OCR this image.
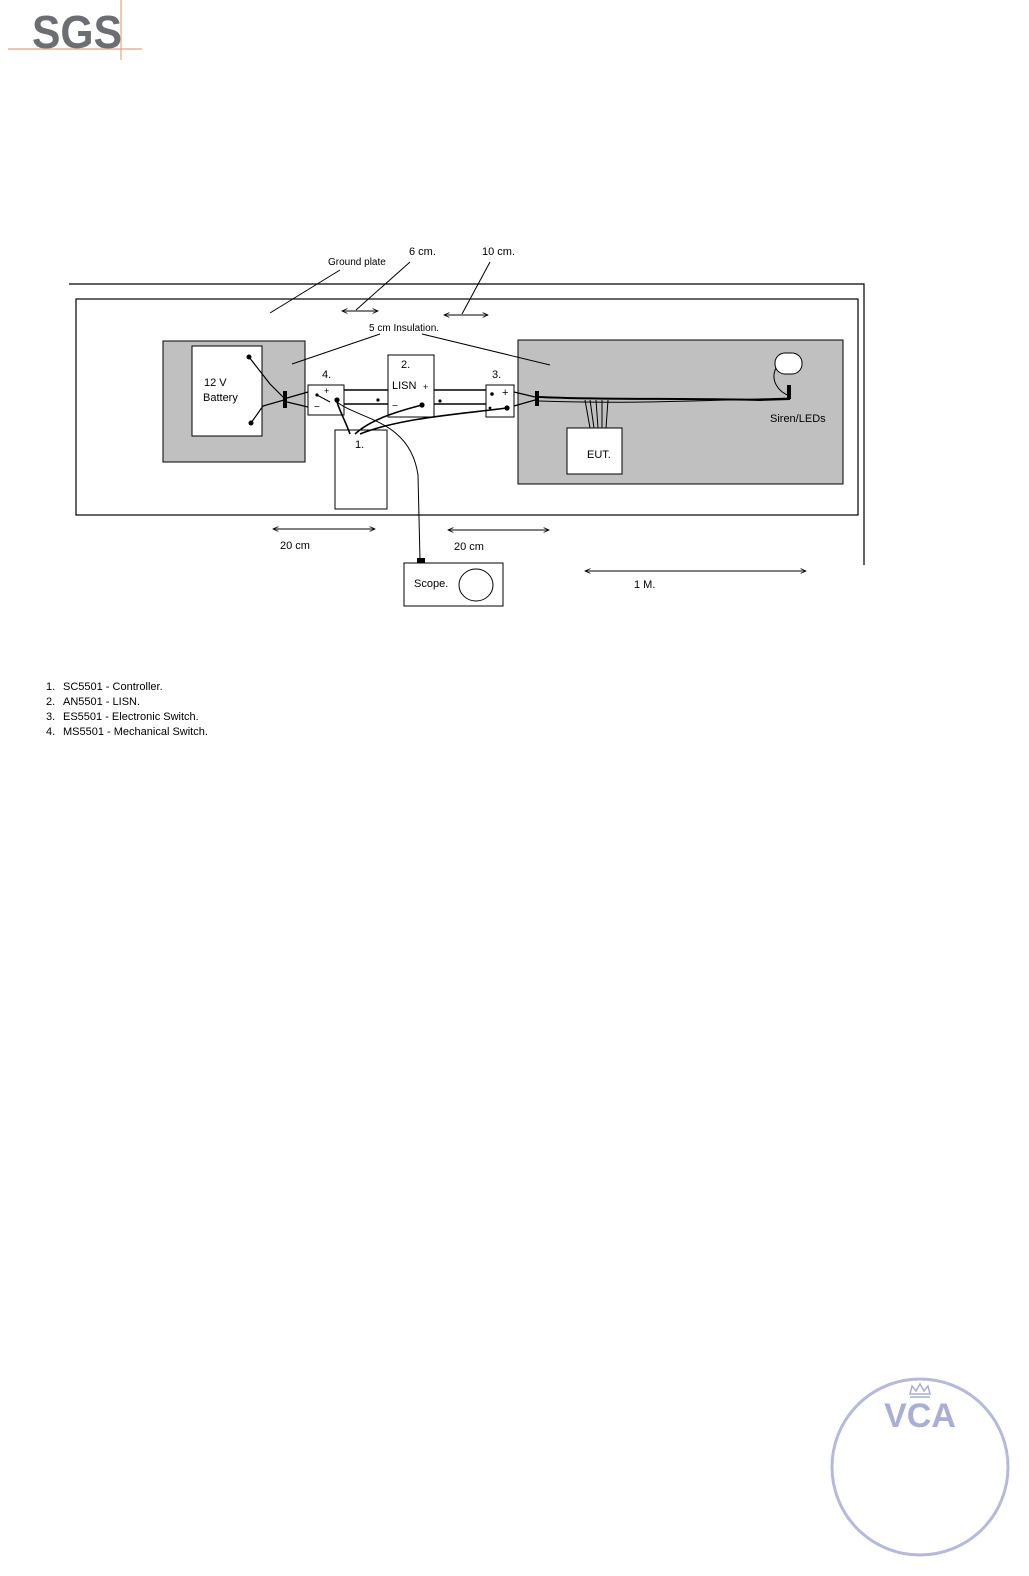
SGS
Ground plate
6 cm.	10 cm.
5 cm Insulation.
12 V
Battery
4.
+
−
2.
LISN +
−
3.
+
1.
EUT.
Siren/LEDs
20 cm	20 cm
1 M.
Scope.
1. SC5501 - Controller.
2. AN5501 - LISN.
3. ES5501 - Electronic Switch.
4. MS5501 - Mechanical Switch.
VCA
